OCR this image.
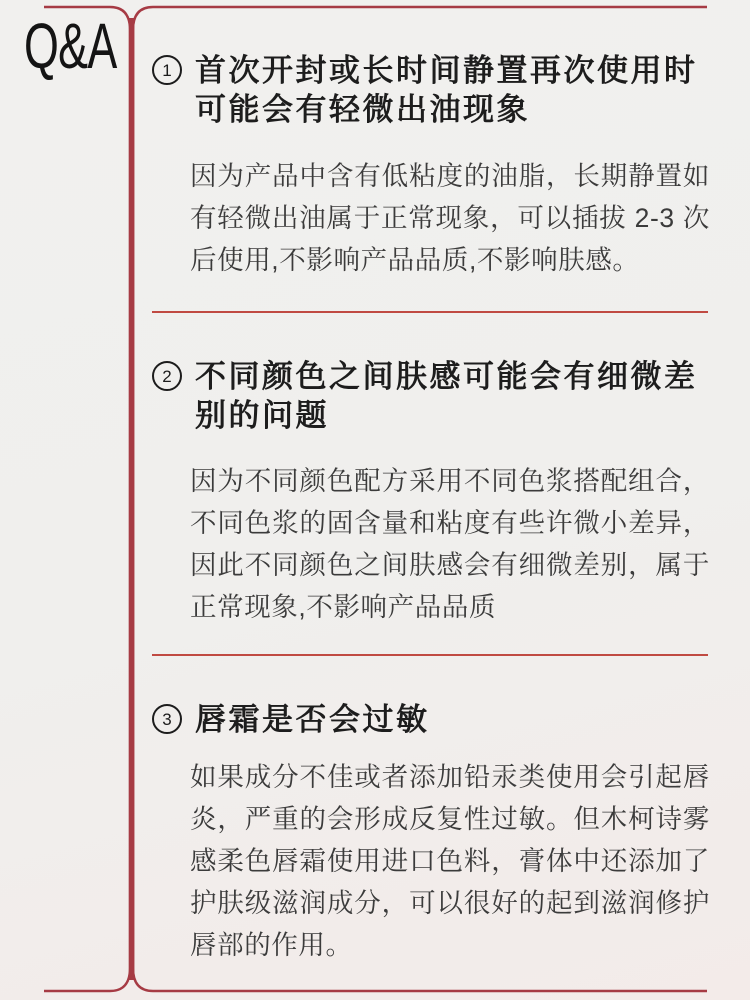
Q&A	1 首次开封或长时间静置再次使用时可能会有轻微出油现象
因为产品中含有低粘度的油脂，长期静置如有轻微出油属于正常现象，可以插拔 2-3 次后使用,不影响产品品质,不影响肤感。
2 不同颜色之间肤感可能会有细微差别的问题
因为不同颜色配方采用不同色浆搭配组合，不同色浆的固含量和粘度有些许微小差异，因此不同颜色之间肤感会有细微差别，属于正常现象,不影响产品品质
3 唇霜是否会过敏
如果成分不佳或者添加铅汞类使用会引起唇炎，严重的会形成反复性过敏。但木柯诗雾感柔色唇霜使用进口色料，膏体中还添加了护肤级滋润成分，可以很好的起到滋润修护唇部的作用。
